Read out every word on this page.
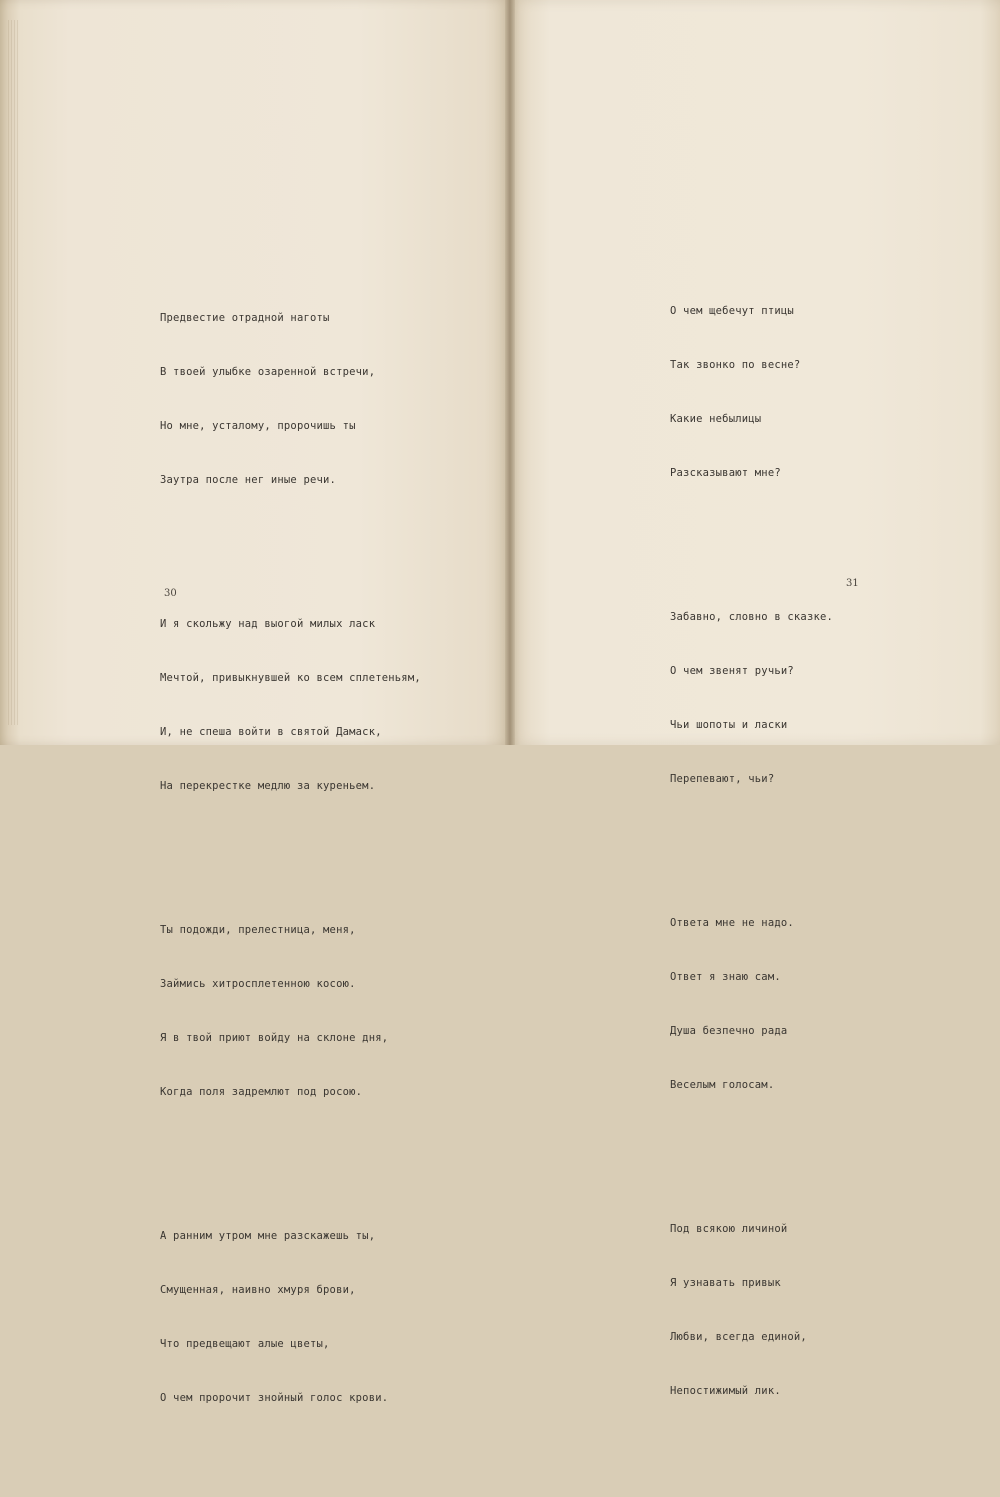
Предвестие отрадной наготы

В твоей улыбке озаренной встречи,

Но мне, усталому, пророчишь ты

Заутра после нег иные речи.

И я скольжу над выогой милых ласк

Мечтой, привыкнувшей ко всем сплетеньям,

И, не спеша войти в святой Дамаск,

На перекрестке медлю за куреньем.

Ты подожди, прелестница, меня,

Займись хитросплетенною косою.

Я в твой приют войду на склоне дня,

Когда поля задремлют под росою.

А ранним утром мне разскажешь ты,

Смущенная, наивно хмуря брови,

Что предвещают алые цветы,

О чем пророчит знойный голос крови.

30

О чем щебечут птицы

Так звонко по весне?

Какие небылицы

Разсказывают мне?

Забавно, словно в сказке.

О чем звенят ручьи?

Чьи шопоты и ласки

Перепевают, чьи?

Ответа мне не надо.

Ответ я знаю сам.

Душа безпечно рада

Веселым голосам.

Под всякою личиной

Я узнавать привык

Любви, всегда единой,

Непостижимый лик.

31
